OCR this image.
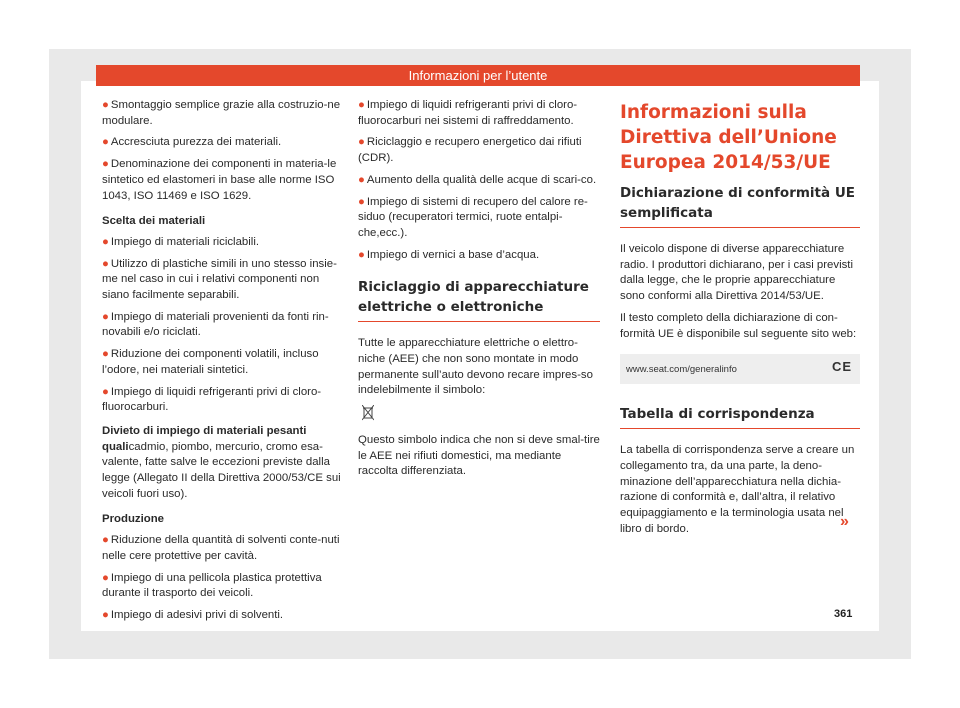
Informazioni per l’utente

● Smontaggio semplice grazie alla costruzio-ne modulare.

● Accresciuta purezza dei materiali.

● Denominazione dei componenti in materia-le sintetico ed elastomeri in base alle norme ISO 1043, ISO 11469 e ISO 1629.

Scelta dei materiali

● Impiego di materiali riciclabili.

● Utilizzo di plastiche simili in uno stesso insie-me nel caso in cui i relativi componenti non siano facilmente separabili.

● Impiego di materiali provenienti da fonti rin-novabili e/o riciclati.

● Riduzione dei componenti volatili, incluso l’odore, nei materiali sintetici.

● Impiego di liquidi refrigeranti privi di cloro-fluorocarburi.

Divieto di impiego di materiali pesanti qualicadmio, piombo, mercurio, cromo esa-valente, fatte salve le eccezioni previste dalla legge (Allegato II della Direttiva 2000/53/CE sui veicoli fuori uso).

Produzione

● Riduzione della quantità di solventi conte-nuti nelle cere protettive per cavità.

● Impiego di una pellicola plastica protettiva durante il trasporto dei veicoli.

● Impiego di adesivi privi di solventi.

● Impiego di liquidi refrigeranti privi di cloro-fluorocarburi nei sistemi di raffreddamento.

● Riciclaggio e recupero energetico dai rifiuti (CDR).

● Aumento della qualità delle acque di scari-co.

● Impiego di sistemi di recupero del calore re-siduo (recuperatori termici, ruote entalpi-che,ecc.).

● Impiego di vernici a base d’acqua.

Riciclaggio di apparecchiature elettriche o elettroniche

Tutte le apparecchiature elettriche o elettro-niche (AEE) che non sono montate in modo permanente sull’auto devono recare impres-so indelebilmente il simbolo:

Questo simbolo indica che non si deve smal-tire le AEE nei rifiuti domestici, ma mediante raccolta differenziata.

Informazioni sulla Direttiva dell’Unione Europea 2014/53/UE
Dichiarazione di conformità UE semplificata

Il veicolo dispone di diverse apparecchiature radio. I produttori dichiarano, per i casi previsti dalla legge, che le proprie apparecchiature sono conformi alla Direttiva 2014/53/UE.

Il testo completo della dichiarazione di con-formità UE è disponibile sul seguente sito web:

www.seat.com/generalinfo	CE
Tabella di corrispondenza

La tabella di corrispondenza serve a creare un collegamento tra, da una parte, la deno-minazione dell’apparecchiatura nella dichia-razione di conformità e, dall’altra, il relativo equipaggiamento e la terminologia usata nel libro di bordo.	»
361
